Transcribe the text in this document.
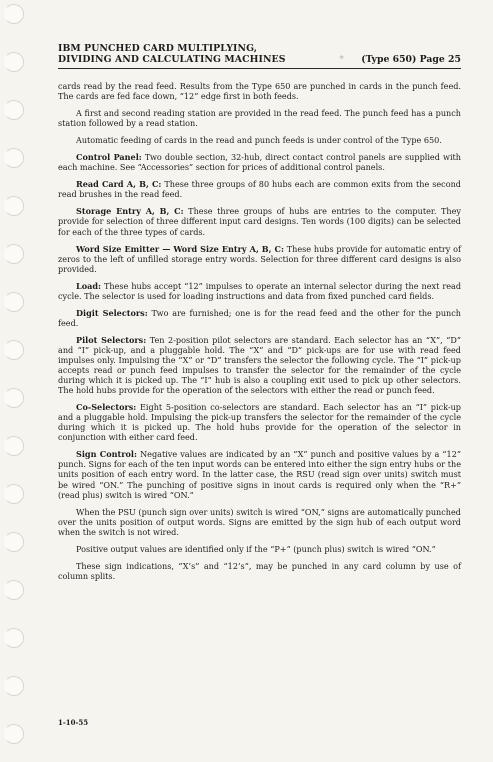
IBM PUNCHED CARD MULTIPLYING,
DIVIDING AND CALCULATING MACHINES	* (Type 650) Page 25

cards read by the read feed. Results from the Type 650 are punched in cards in the punch feed. The cards are fed face down, “12” edge first in both feeds.

A first and second reading station are provided in the read feed. The punch feed has a punch station followed by a read station.

Automatic feeding of cards in the read and punch feeds is under control of the Type 650.

Control Panel: Two double section, 32-hub, direct contact control panels are supplied with each machine. See “Accessories” section for prices of additional control panels.

Read Card A, B, C: These three groups of 80 hubs each are common exits from the second read brushes in the read feed.

Storage Entry A, B, C: These three groups of hubs are entries to the computer. They provide for selection of three different input card designs. Ten words (100 digits) can be selected for each of the three types of cards.

Word Size Emitter — Word Size Entry A, B, C: These hubs provide for automatic entry of zeros to the left of unfilled storage entry words. Selection for three different card designs is also provided.

Load: These hubs accept “12” impulses to operate an internal selector during the next read cycle. The selector is used for loading instructions and data from fixed punched card fields.

Digit Selectors: Two are furnished; one is for the read feed and the other for the punch feed.

Pilot Selectors: Ten 2-position pilot selectors are standard. Each selector has an “X”, “D” and “I” pick-up, and a pluggable hold. The “X” and “D” pick-ups are for use with read feed impulses only. Impulsing the “X” or “D” transfers the selector the following cycle. The “I” pick-up accepts read or punch feed impulses to transfer the selector for the remainder of the cycle during which it is picked up. The “I” hub is also a coupling exit used to pick up other selectors. The hold hubs provide for the operation of the selectors with either the read or punch feed.

Co-Selectors: Eight 5-position co-selectors are standard. Each selector has an “I” pick-up and a pluggable hold. Impulsing the pick-up transfers the selector for the remainder of the cycle during which it is picked up. The hold hubs provide for the operation of the selector in conjunction with either card feed.

Sign Control: Negative values are indicated by an “X” punch and positive values by a “12” punch. Signs for each of the ten input words can be entered into either the sign entry hubs or the units position of each entry word. In the latter case, the RSU (read sign over units) switch must be wired “ON.” The punching of positive signs in inout cards is required only when the “R+” (read plus) switch is wired “ON.”

When the PSU (punch sign over units) switch is wired “ON,” signs are automatically punched over the units position of output words. Signs are emitted by the sign hub of each output word when the switch is not wired.

Positive output values are identified only if the “P+” (punch plus) switch is wired “ON.”

These sign indications, “X’s” and “12’s”, may be punched in any card column by use of column splits.

1-10-55
